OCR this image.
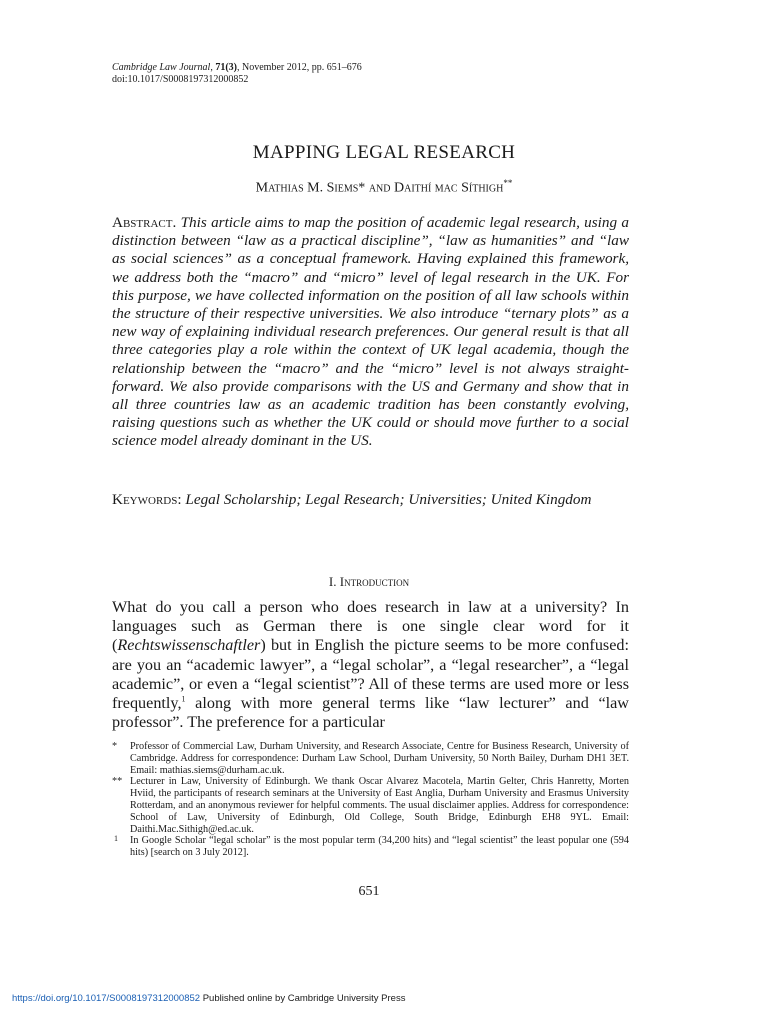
Cambridge Law Journal, 71(3), November 2012, pp. 651–676
doi:10.1017/S0008197312000852
MAPPING LEGAL RESEARCH
Mathias M. Siems* and Daithí mac Síthigh**
Abstract. This article aims to map the position of academic legal research, using a distinction between “law as a practical discipline”, “law as humanities” and “law as social sciences” as a conceptual framework. Having explained this framework, we address both the “macro” and “micro” level of legal research in the UK. For this purpose, we have collected information on the position of all law schools within the structure of their respective universities. We also introduce “ternary plots” as a new way of explaining individual research preferences. Our general result is that all three categories play a role within the context of UK legal academia, though the relationship between the “macro” and the “micro” level is not always straight-forward. We also provide comparisons with the US and Germany and show that in all three countries law as an academic tradition has been constantly evolving, raising questions such as whether the UK could or should move further to a social science model already dominant in the US.
Keywords: Legal Scholarship; Legal Research; Universities; United Kingdom
I. Introduction
What do you call a person who does research in law at a university? In languages such as German there is one single clear word for it (Rechtswissenschaftler) but in English the picture seems to be more confused: are you an “academic lawyer”, a “legal scholar”, a “legal researcher”, a “legal academic”, or even a “legal scientist”? All of these terms are used more or less frequently,$^1$ along with more general terms like “law lecturer” and “law professor”. The preference for a particular
*	Professor of Commercial Law, Durham University, and Research Associate, Centre for Business Research, University of Cambridge. Address for correspondence: Durham Law School, Durham University, 50 North Bailey, Durham DH1 3ET. Email: mathias.siems@durham.ac.uk.
** Lecturer in Law, University of Edinburgh. We thank Oscar Alvarez Macotela, Martin Gelter, Chris Hanretty, Morten Hviid, the participants of research seminars at the University of East Anglia, Durham University and Erasmus University Rotterdam, and an anonymous reviewer for helpful comments. The usual disclaimer applies. Address for correspondence: School of Law, University of Edinburgh, Old College, South Bridge, Edinburgh EH8 9YL. Email: Daithi.Mac.Sithigh@ed.ac.uk.
1	In Google Scholar “legal scholar” is the most popular term (34,200 hits) and “legal scientist” the least popular one (594 hits) [search on 3 July 2012].
651
https://doi.org/10.1017/S0008197312000852 Published online by Cambridge University Press
